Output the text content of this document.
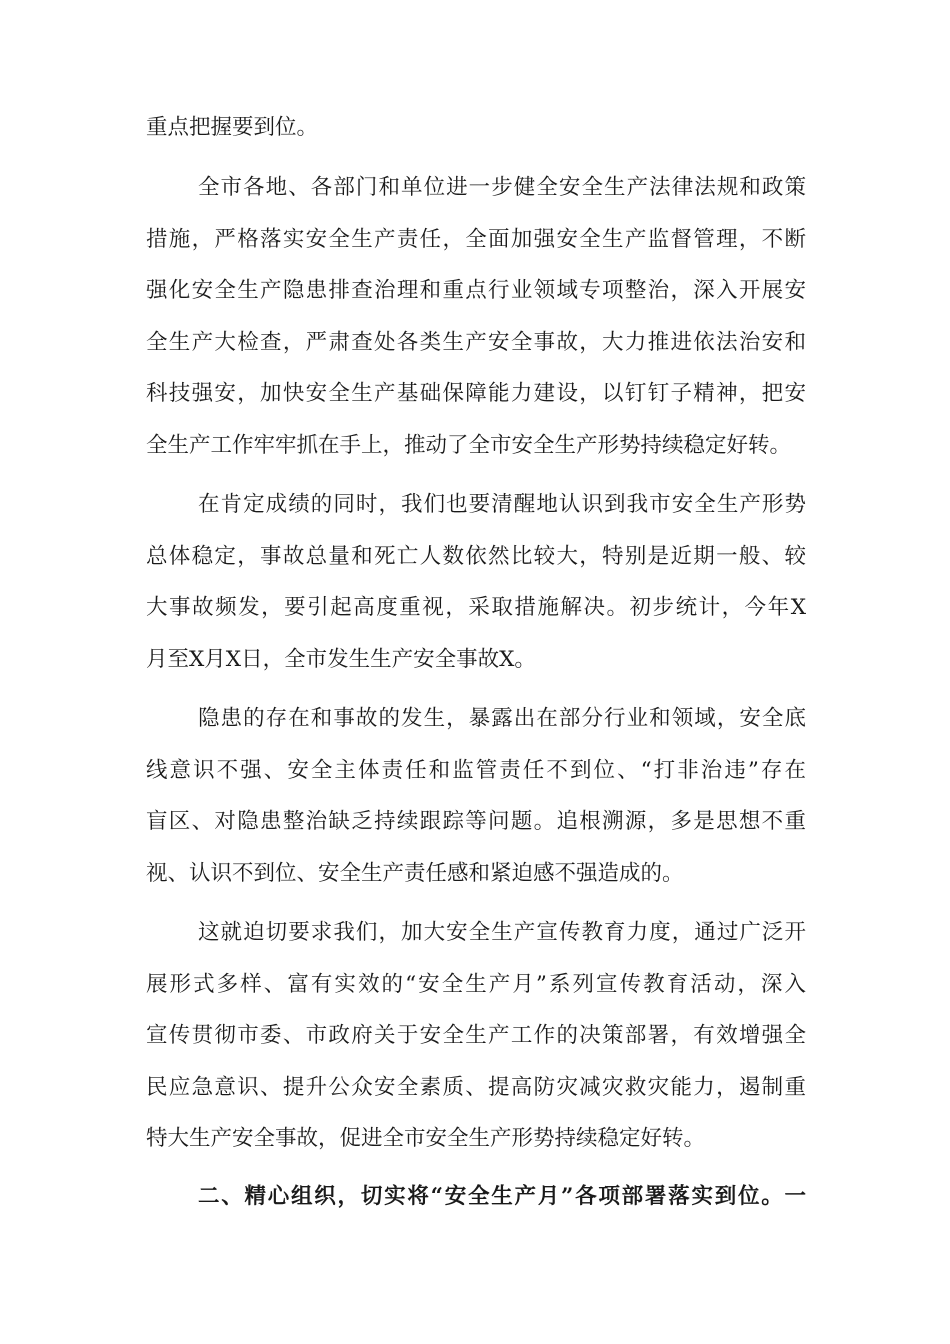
重点把握要到位。
全市各地、各部门和单位进一步健全安全生产法律法规和政策
措施，严格落实安全生产责任，全面加强安全生产监督管理，不断
强化安全生产隐患排查治理和重点行业领域专项整治，深入开展安
全生产大检查，严肃查处各类生产安全事故，大力推进依法治安和
科技强安，加快安全生产基础保障能力建设，以钉钉子精神，把安
全生产工作牢牢抓在手上，推动了全市安全生产形势持续稳定好转。
在肯定成绩的同时，我们也要清醒地认识到我市安全生产形势
总体稳定，事故总量和死亡人数依然比较大，特别是近期一般、较
大事故频发，要引起高度重视，采取措施解决。初步统计，今年X
月至X月X日，全市发生生产安全事故X。
隐患的存在和事故的发生，暴露出在部分行业和领域，安全底
线意识不强、安全主体责任和监管责任不到位、“打非治违”存在
盲区、对隐患整治缺乏持续跟踪等问题。追根溯源，多是思想不重
视、认识不到位、安全生产责任感和紧迫感不强造成的。
这就迫切要求我们，加大安全生产宣传教育力度，通过广泛开
展形式多样、富有实效的“安全生产月”系列宣传教育活动，深入
宣传贯彻市委、市政府关于安全生产工作的决策部署，有效增强全
民应急意识、提升公众安全素质、提高防灾减灾救灾能力，遏制重
特大生产安全事故，促进全市安全生产形势持续稳定好转。
二、精心组织，切实将“安全生产月”各项部署落实到位。一
